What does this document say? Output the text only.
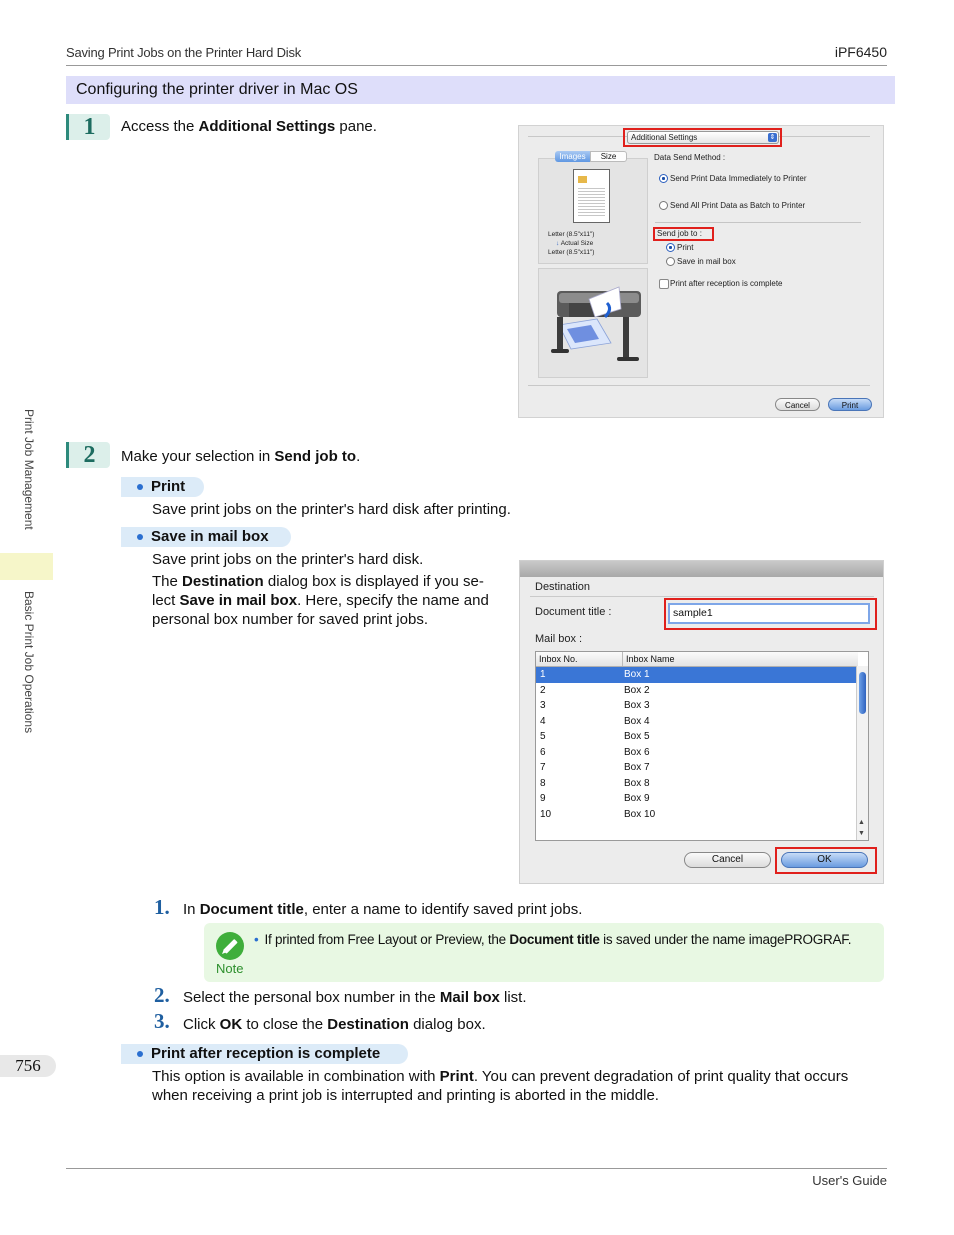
Saving Print Jobs on the Printer Hard Disk	iPF6450
Print Job Management
Basic Print Job Operations
756
Configuring the printer driver in Mac OS
1	Access the Additional Settings pane.
Additional Settings	⇕
Images	Size
Letter (8.5"x11")
↓ Actual Size
Letter (8.5"x11")
Data Send Method :
Send Print Data Immediately to Printer
Send All Print Data as Batch to Printer
Send job to :
Print
Save in mail box
Print after reception is complete
Cancel	Print
2	Make your selection in Send job to.
Print
Save print jobs on the printer's hard disk after printing.
Save in mail box
Save print jobs on the printer's hard disk.
The Destination dialog box is displayed if you se-
lect Save in mail box. Here, specify the name and
personal box number for saved print jobs.
Destination
Document title :	sample1
Mail box :
Inbox No.	Inbox Name
1	Box 1
2	Box 2
3	Box 3
4	Box 4
5	Box 5
6	Box 6
7	Box 7
8	Box 8
9	Box 9
10	Box 10
▲
▼
Cancel	OK
1. In Document title, enter a name to identify saved print jobs.
Note
• If printed from Free Layout or Preview, the Document title is saved under the name imagePROGRAF.
2. Select the personal box number in the Mail box list.
3. Click OK to close the Destination dialog box.
Print after reception is complete
This option is available in combination with Print. You can prevent degradation of print quality that occurs
when receiving a print job is interrupted and printing is aborted in the middle.
User's Guide
